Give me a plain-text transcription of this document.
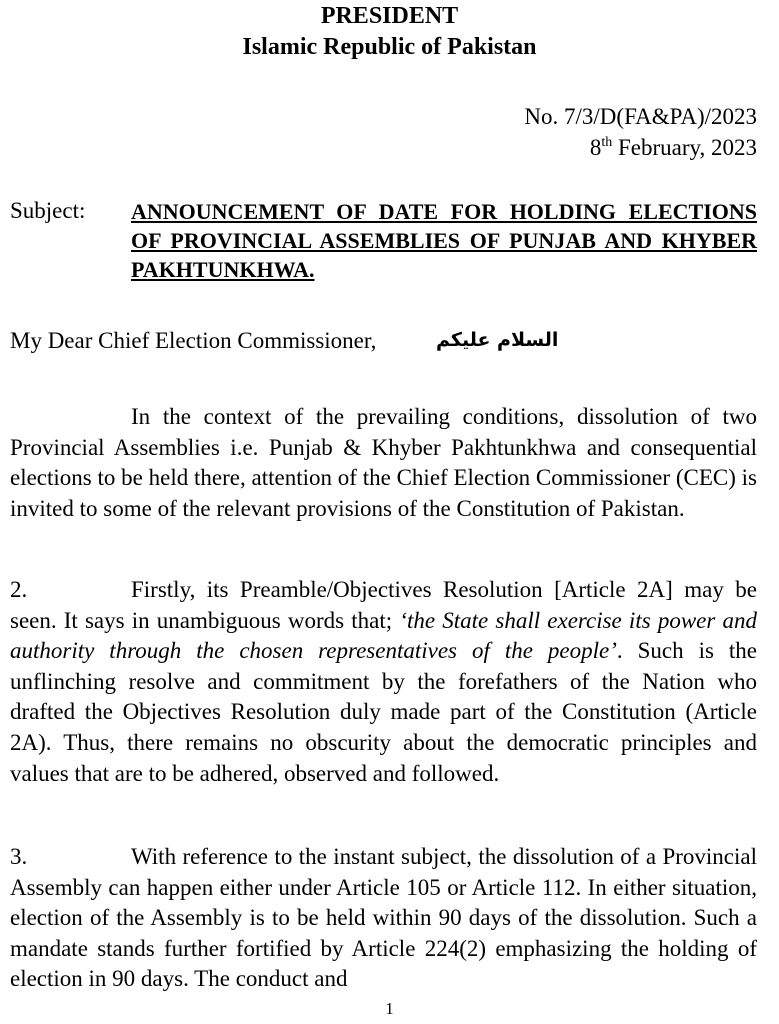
PRESIDENT
Islamic Republic of Pakistan
No. 7/3/D(FA&PA)/2023
8th February, 2023
Subject: ANNOUNCEMENT OF DATE FOR HOLDING ELECTIONS OF PROVINCIAL ASSEMBLIES OF PUNJAB AND KHYBER PAKHTUNKHWA.
My Dear Chief Election Commissioner,	السلام علیکم
In the context of the prevailing conditions, dissolution of two Provincial Assemblies i.e. Punjab & Khyber Pakhtunkhwa and consequential elections to be held there, attention of the Chief Election Commissioner (CEC) is invited to some of the relevant provisions of the Constitution of Pakistan.
2.	Firstly, its Preamble/Objectives Resolution [Article 2A] may be seen. It says in unambiguous words that; ‘the State shall exercise its power and authority through the chosen representatives of the people’. Such is the unflinching resolve and commitment by the forefathers of the Nation who drafted the Objectives Resolution duly made part of the Constitution (Article 2A). Thus, there remains no obscurity about the democratic principles and values that are to be adhered, observed and followed.
3.	With reference to the instant subject, the dissolution of a Provincial Assembly can happen either under Article 105 or Article 112. In either situation, election of the Assembly is to be held within 90 days of the dissolution. Such a mandate stands further fortified by Article 224(2) emphasizing the holding of election in 90 days. The conduct and
1
